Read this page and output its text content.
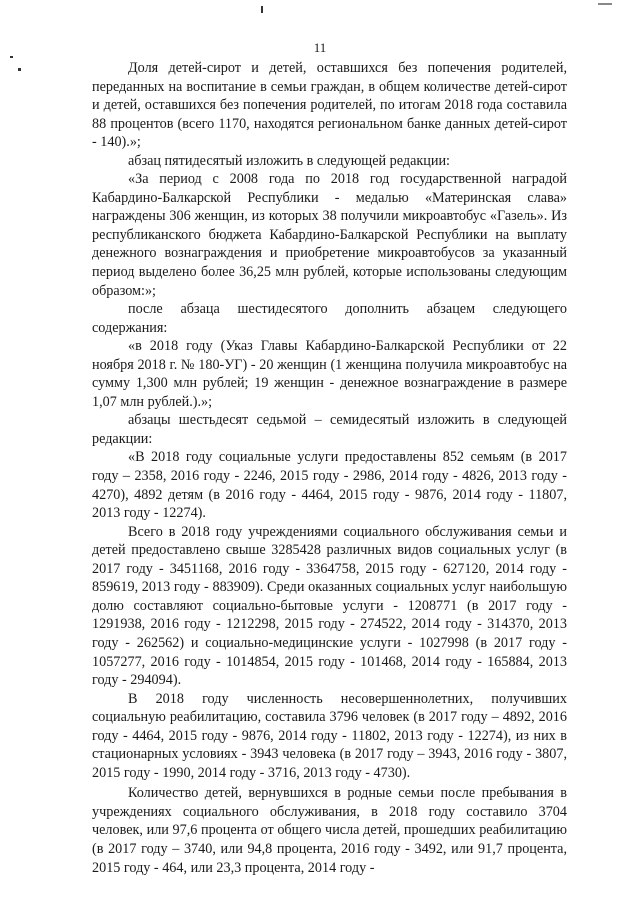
11

Доля детей-сирот и детей, оставшихся без попечения родителей, переданных на воспитание в семьи граждан, в общем количестве детей-сирот и детей, оставшихся без попечения родителей, по итогам 2018 года составила 88 процентов (всего 1170, находятся региональном банке данных детей-сирот - 140).»;

абзац пятидесятый изложить в следующей редакции:

«За период с 2008 года по 2018 год государственной наградой Кабардино-Балкарской Республики - медалью «Материнская слава» награждены 306 женщин, из которых 38 получили микроавтобус «Газель». Из республиканского бюджета Кабардино-Балкарской Республики на выплату денежного вознаграждения и приобретение микроавтобусов за указанный период выделено более 36,25 млн рублей, которые использованы следующим образом:»;

после абзаца шестидесятого дополнить абзацем следующего содержания:

«в 2018 году (Указ Главы Кабардино-Балкарской Республики от 22 ноября 2018 г. № 180-УГ) - 20 женщин (1 женщина получила микроавтобус на сумму 1,300 млн рублей; 19 женщин - денежное вознаграждение в размере 1,07 млн рублей.).»;

абзацы шестьдесят седьмой – семидесятый изложить в следующей редакции:

«В 2018 году социальные услуги предоставлены 852 семьям (в 2017 году – 2358, 2016 году - 2246, 2015 году - 2986, 2014 году - 4826, 2013 году - 4270), 4892 детям (в 2016 году - 4464, 2015 году - 9876, 2014 году - 11807, 2013 году - 12274).

Всего в 2018 году учреждениями социального обслуживания семьи и детей предоставлено свыше 3285428 различных видов социальных услуг (в 2017 году - 3451168, 2016 году - 3364758, 2015 году - 627120, 2014 году - 859619, 2013 году - 883909). Среди оказанных социальных услуг наибольшую долю составляют социально-бытовые услуги - 1208771 (в 2017 году - 1291938, 2016 году - 1212298, 2015 году - 274522, 2014 году - 314370, 2013 году - 262562) и социально-медицинские услуги - 1027998 (в 2017 году - 1057277, 2016 году - 1014854, 2015 году - 101468, 2014 году - 165884, 2013 году - 294094).

В 2018 году численность несовершеннолетних, получивших социальную реабилитацию, составила 3796 человек (в 2017 году – 4892, 2016 году - 4464, 2015 году - 9876, 2014 году - 11802, 2013 году - 12274), из них в стационарных условиях - 3943 человека (в 2017 году – 3943, 2016 году - 3807, 2015 году - 1990, 2014 году - 3716, 2013 году - 4730).

Количество детей, вернувшихся в родные семьи после пребывания в учреждениях социального обслуживания, в 2018 году составило 3704 человек, или 97,6 процента от общего числа детей, прошедших реабилитацию (в 2017 году – 3740, или 94,8 процента, 2016 году - 3492, или 91,7 процента, 2015 году - 464, или 23,3 процента, 2014 году -
